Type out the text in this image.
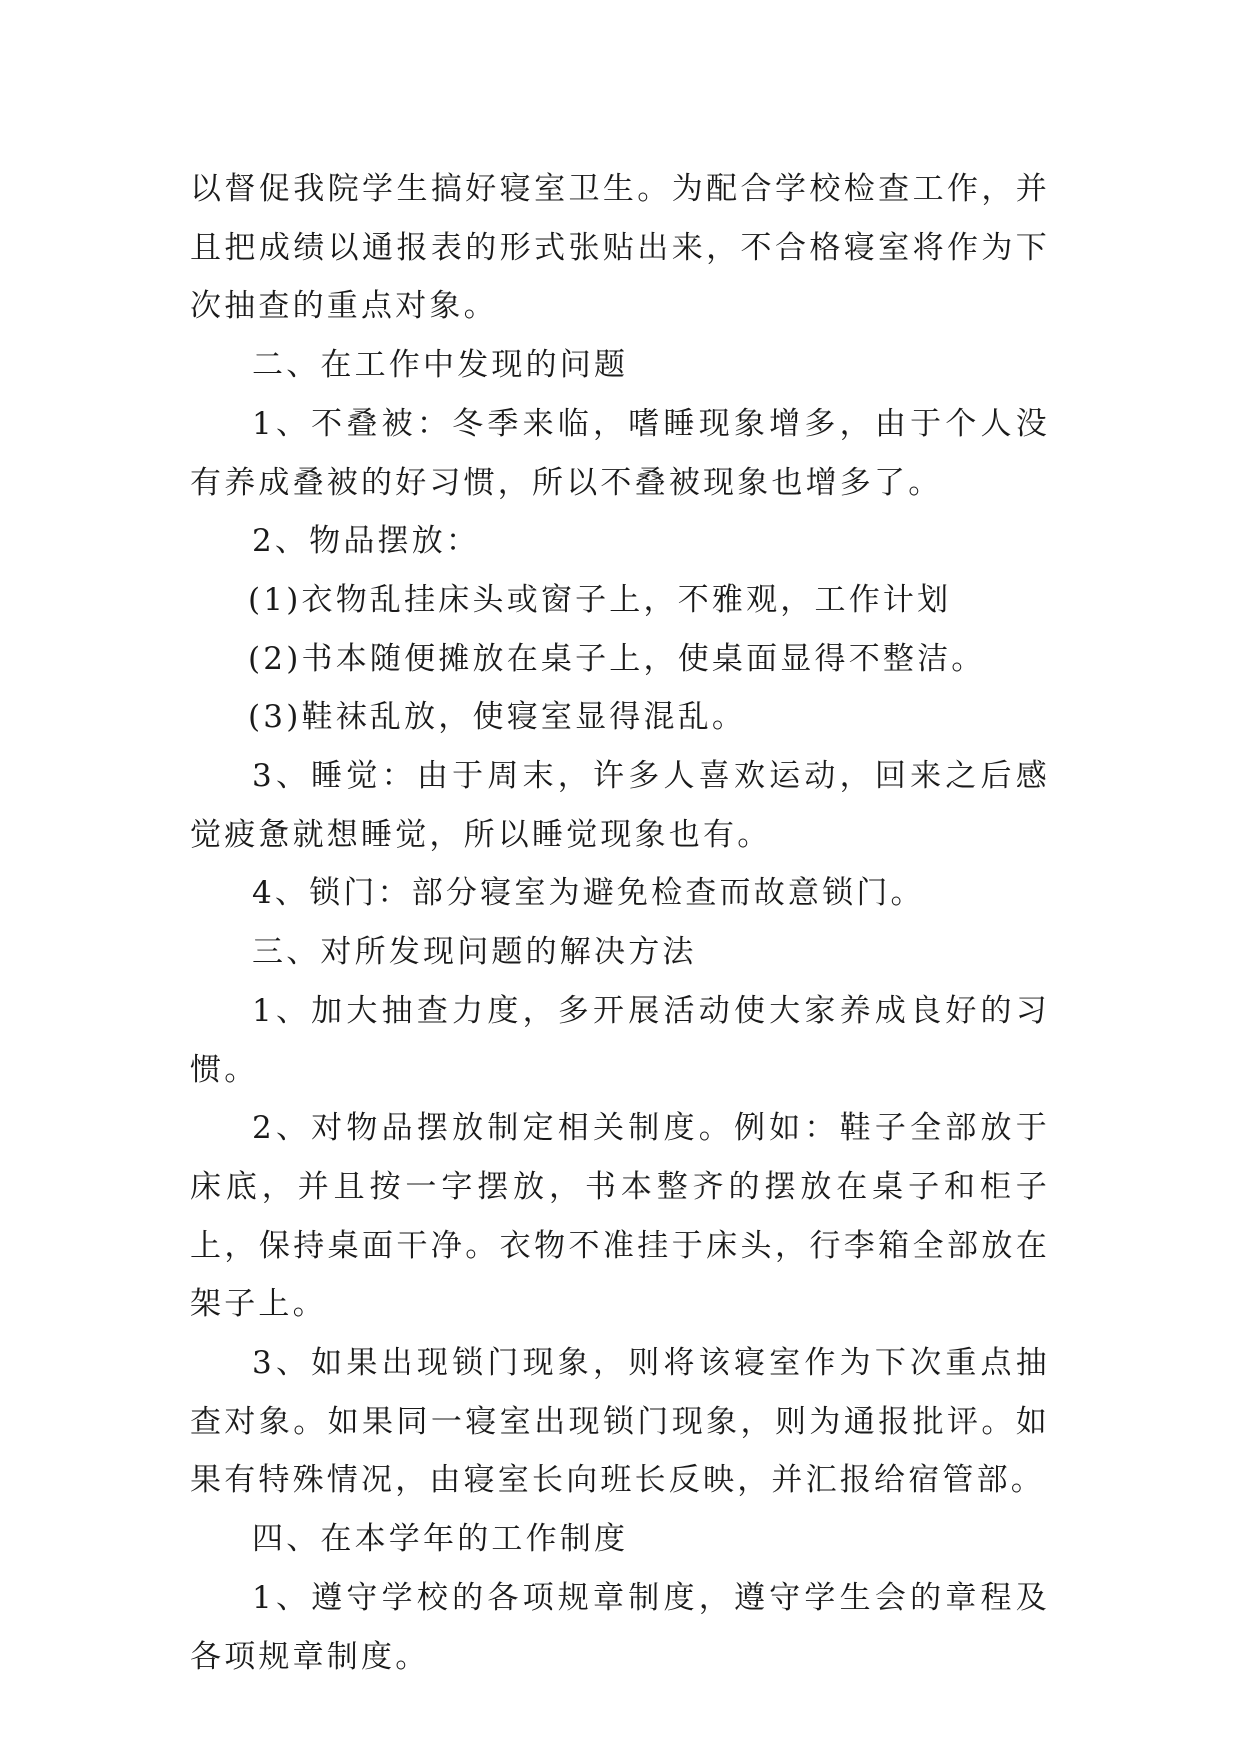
以督促我院学生搞好寝室卫生。为配合学校检查工作，并且把成绩以通报表的形式张贴出来，不合格寝室将作为下次抽查的重点对象。

二、在工作中发现的问题

1、不叠被：冬季来临，嗜睡现象增多，由于个人没有养成叠被的好习惯，所以不叠被现象也增多了。

2、物品摆放：

(1)衣物乱挂床头或窗子上，不雅观，工作计划

(2)书本随便摊放在桌子上，使桌面显得不整洁。

(3)鞋袜乱放，使寝室显得混乱。

3、睡觉：由于周末，许多人喜欢运动，回来之后感觉疲惫就想睡觉，所以睡觉现象也有。

4、锁门：部分寝室为避免检查而故意锁门。

三、对所发现问题的解决方法

1、加大抽查力度，多开展活动使大家养成良好的习惯。

2、对物品摆放制定相关制度。例如：鞋子全部放于床底，并且按一字摆放，书本整齐的摆放在桌子和柜子上，保持桌面干净。衣物不准挂于床头，行李箱全部放在架子上。

3、如果出现锁门现象，则将该寝室作为下次重点抽查对象。如果同一寝室出现锁门现象，则为通报批评。如果有特殊情况，由寝室长向班长反映，并汇报给宿管部。

四、在本学年的工作制度

1、遵守学校的各项规章制度，遵守学生会的章程及各项规章制度。
